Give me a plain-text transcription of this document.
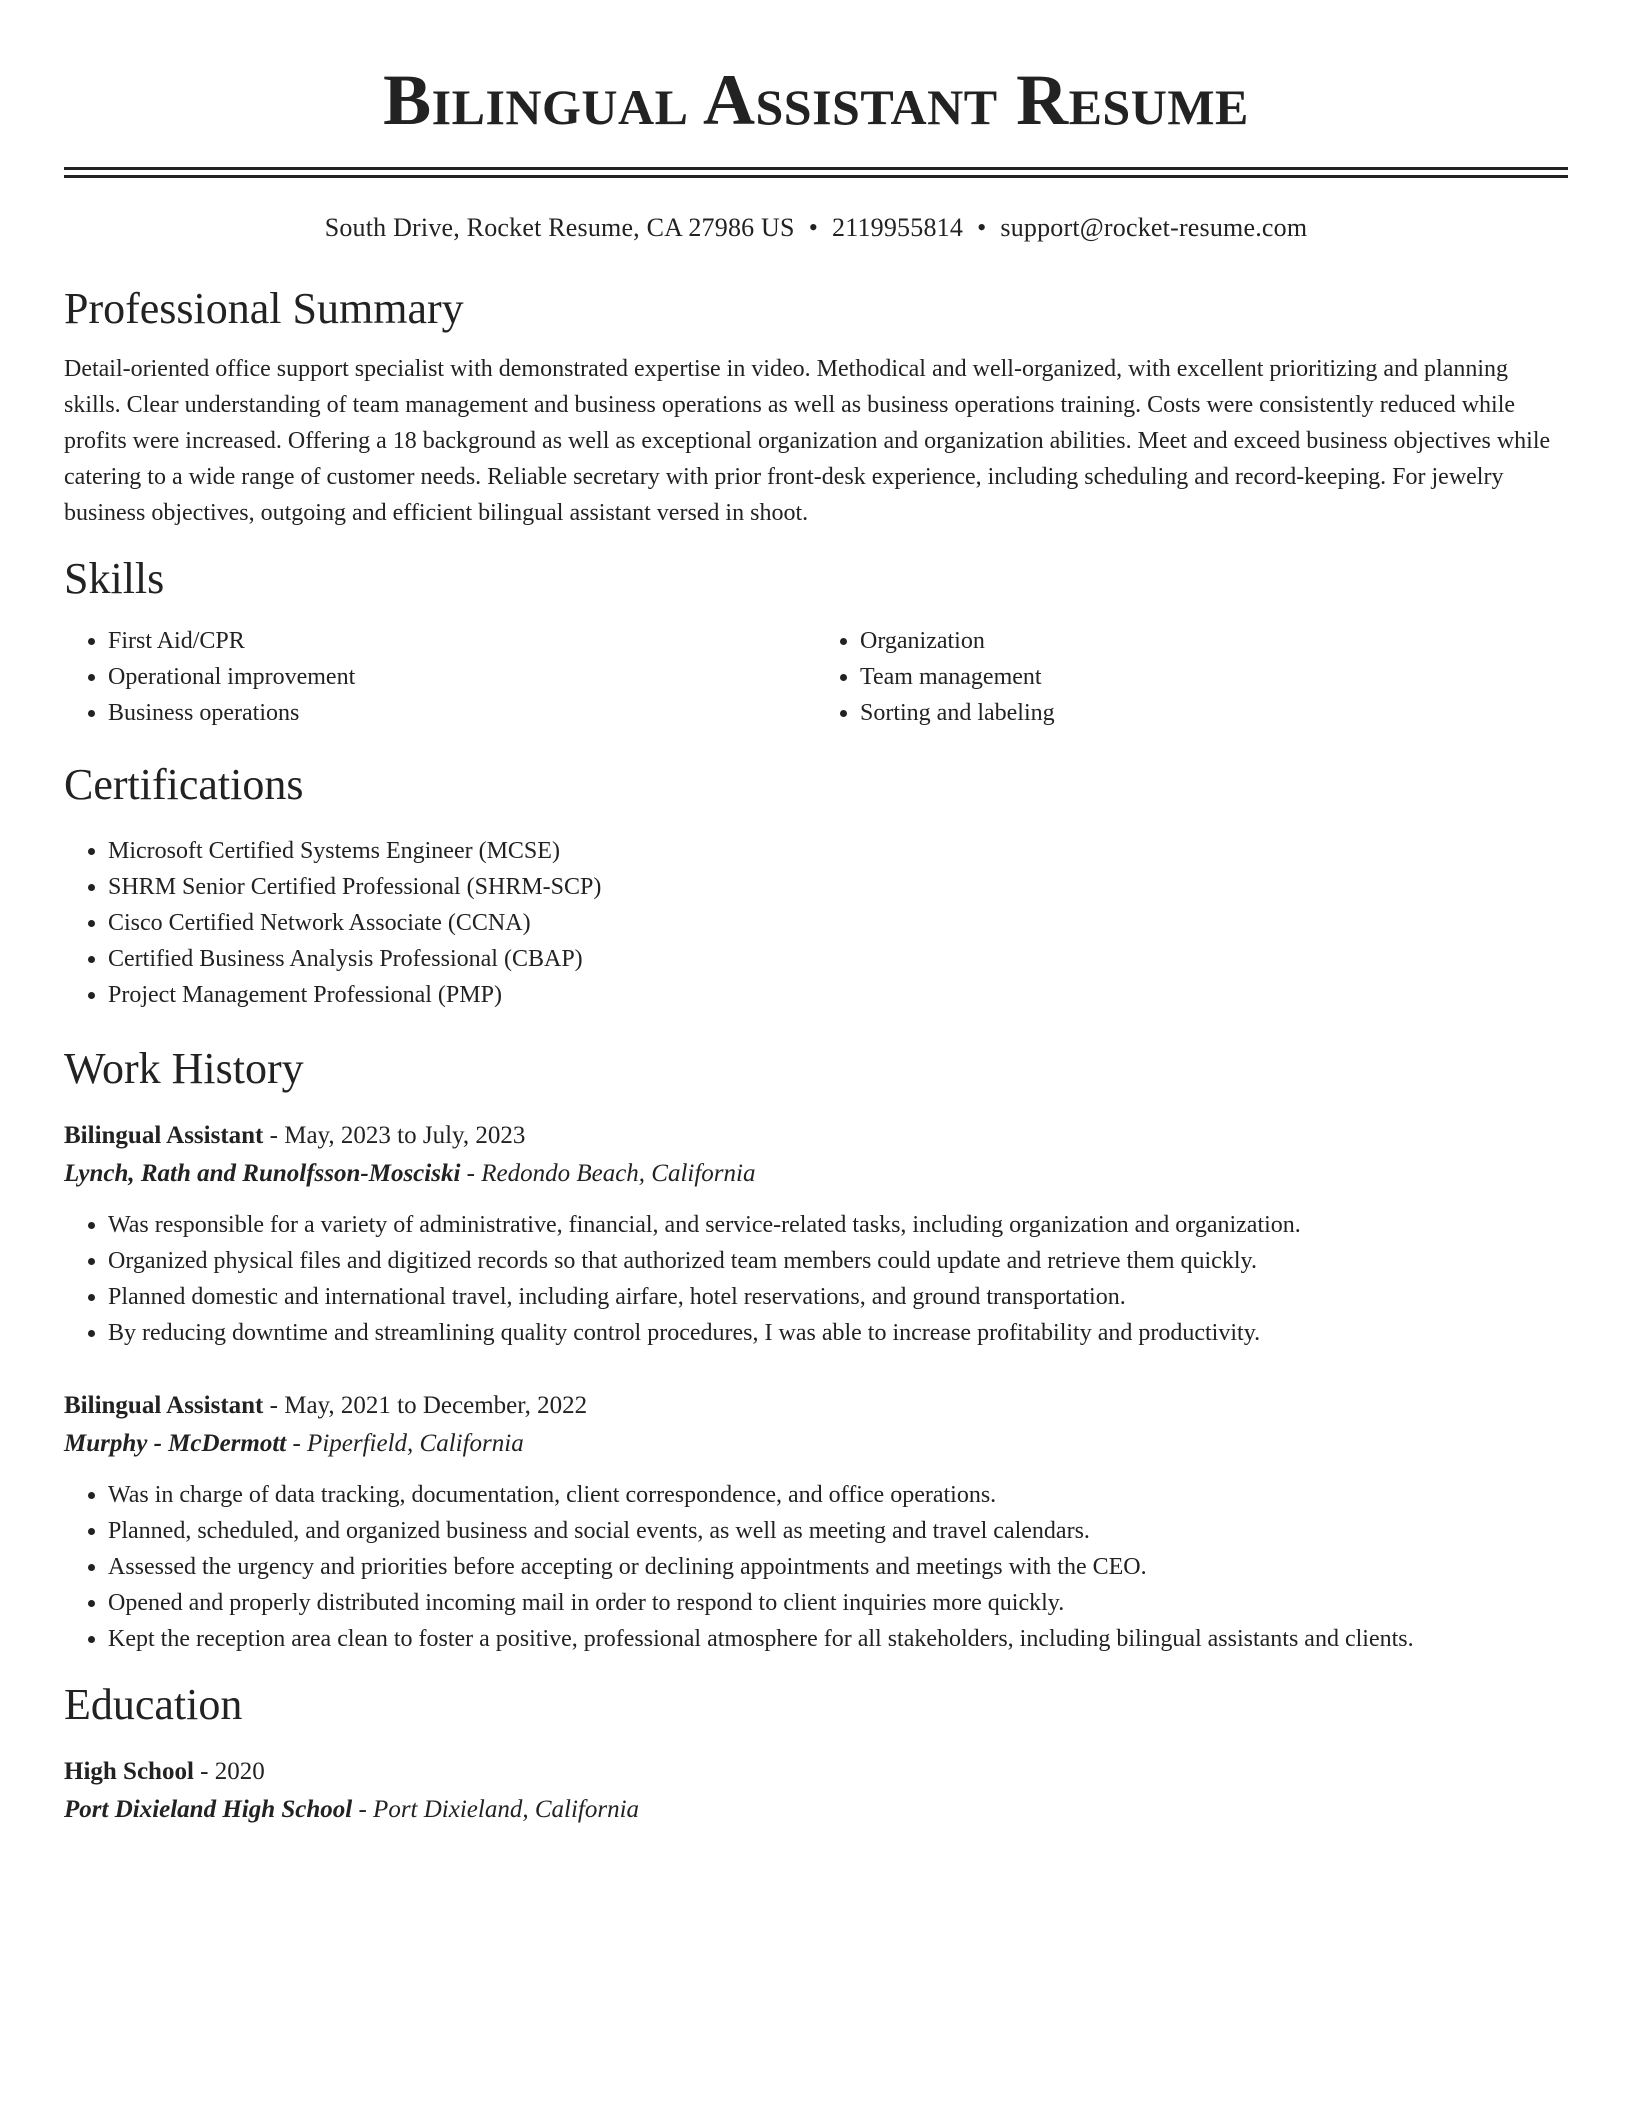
Bilingual Assistant Resume
South Drive, Rocket Resume, CA 27986 US • 2119955814 • support@rocket-resume.com
Professional Summary

Detail-oriented office support specialist with demonstrated expertise in video. Methodical and well-organized, with excellent prioritizing and planning skills. Clear understanding of team management and business operations as well as business operations training. Costs were consistently reduced while profits were increased. Offering a 18 background as well as exceptional organization and organization abilities. Meet and exceed business objectives while catering to a wide range of customer needs. Reliable secretary with prior front-desk experience, including scheduling and record-keeping. For jewelry business objectives, outgoing and efficient bilingual assistant versed in shoot.

Skills
• First Aid/CPR
• Operational improvement
• Business operations
• Organization
• Team management
• Sorting and labeling
Certifications
• Microsoft Certified Systems Engineer (MCSE)
• SHRM Senior Certified Professional (SHRM-SCP)
• Cisco Certified Network Associate (CCNA)
• Certified Business Analysis Professional (CBAP)
• Project Management Professional (PMP)
Work History
Bilingual Assistant - May, 2023 to July, 2023
Lynch, Rath and Runolfsson-Mosciski - Redondo Beach, California
• Was responsible for a variety of administrative, financial, and service-related tasks, including organization and organization.
• Organized physical files and digitized records so that authorized team members could update and retrieve them quickly.
• Planned domestic and international travel, including airfare, hotel reservations, and ground transportation.
• By reducing downtime and streamlining quality control procedures, I was able to increase profitability and productivity.
Bilingual Assistant - May, 2021 to December, 2022
Murphy - McDermott - Piperfield, California
• Was in charge of data tracking, documentation, client correspondence, and office operations.
• Planned, scheduled, and organized business and social events, as well as meeting and travel calendars.
• Assessed the urgency and priorities before accepting or declining appointments and meetings with the CEO.
• Opened and properly distributed incoming mail in order to respond to client inquiries more quickly.
• Kept the reception area clean to foster a positive, professional atmosphere for all stakeholders, including bilingual assistants and clients.
Education
High School - 2020
Port Dixieland High School - Port Dixieland, California
